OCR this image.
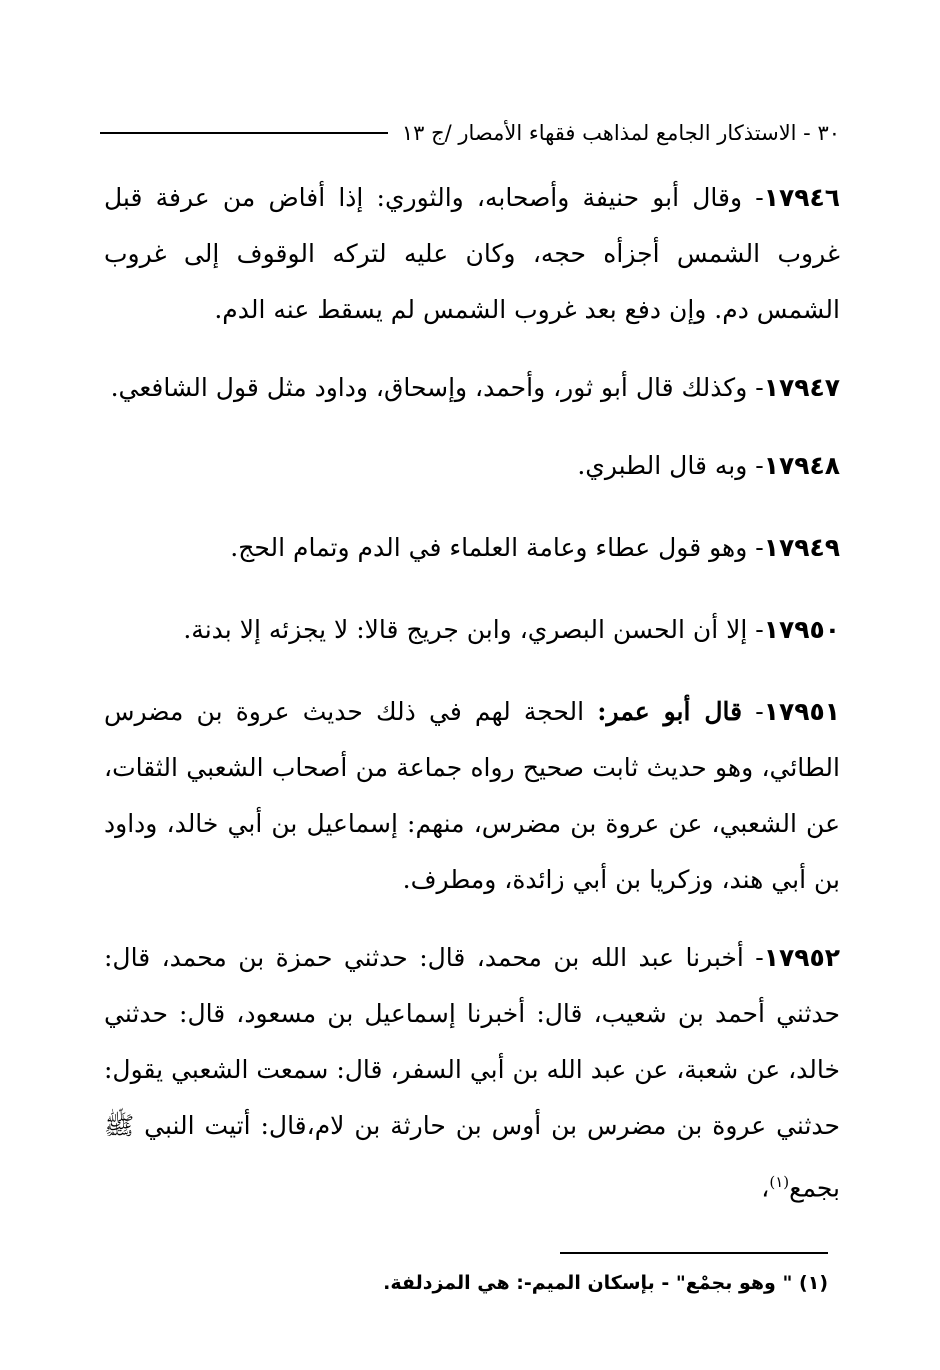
٣٠ - الاستذكار الجامع لمذاهب فقهاء الأمصار /ج ١٣

١٧٩٤٦- وقال أبو حنيفة وأصحابه، والثوري: إذا أفاض من عرفة قبل غروب الشمس أجزأه حجه، وكان عليه لتركه الوقوف إلى غروب الشمس دم. وإن دفع بعد غروب الشمس لم يسقط عنه الدم.

١٧٩٤٧- وكذلك قال أبو ثور، وأحمد، وإسحاق، وداود مثل قول الشافعي.

١٧٩٤٨- وبه قال الطبري.

١٧٩٤٩- وهو قول عطاء وعامة العلماء في الدم وتمام الحج.

١٧٩٥٠- إلا أن الحسن البصري، وابن جريج قالا: لا يجزئه إلا بدنة.

١٧٩٥١- قال أبو عمر: الحجة لهم في ذلك حديث عروة بن مضرس الطائي، وهو حديث ثابت صحيح رواه جماعة من أصحاب الشعبي الثقات، عن الشعبي، عن عروة بن مضرس، منهم: إسماعيل بن أبي خالد، وداود بن أبي هند، وزكريا بن أبي زائدة، ومطرف.

١٧٩٥٢- أخبرنا عبد الله بن محمد، قال: حدثني حمزة بن محمد، قال: حدثني أحمد بن شعيب، قال: أخبرنا إسماعيل بن مسعود، قال: حدثني خالد، عن شعبة، عن عبد الله بن أبي السفر، قال: سمعت الشعبي يقول: حدثني عروة بن مضرس بن أوس بن حارثة بن لام،قال: أتيت النبي ﷺ بجمع$^{(١)}$،

(١) " وهو بجمْع" - بإسكان الميم-: هي المزدلفة.
